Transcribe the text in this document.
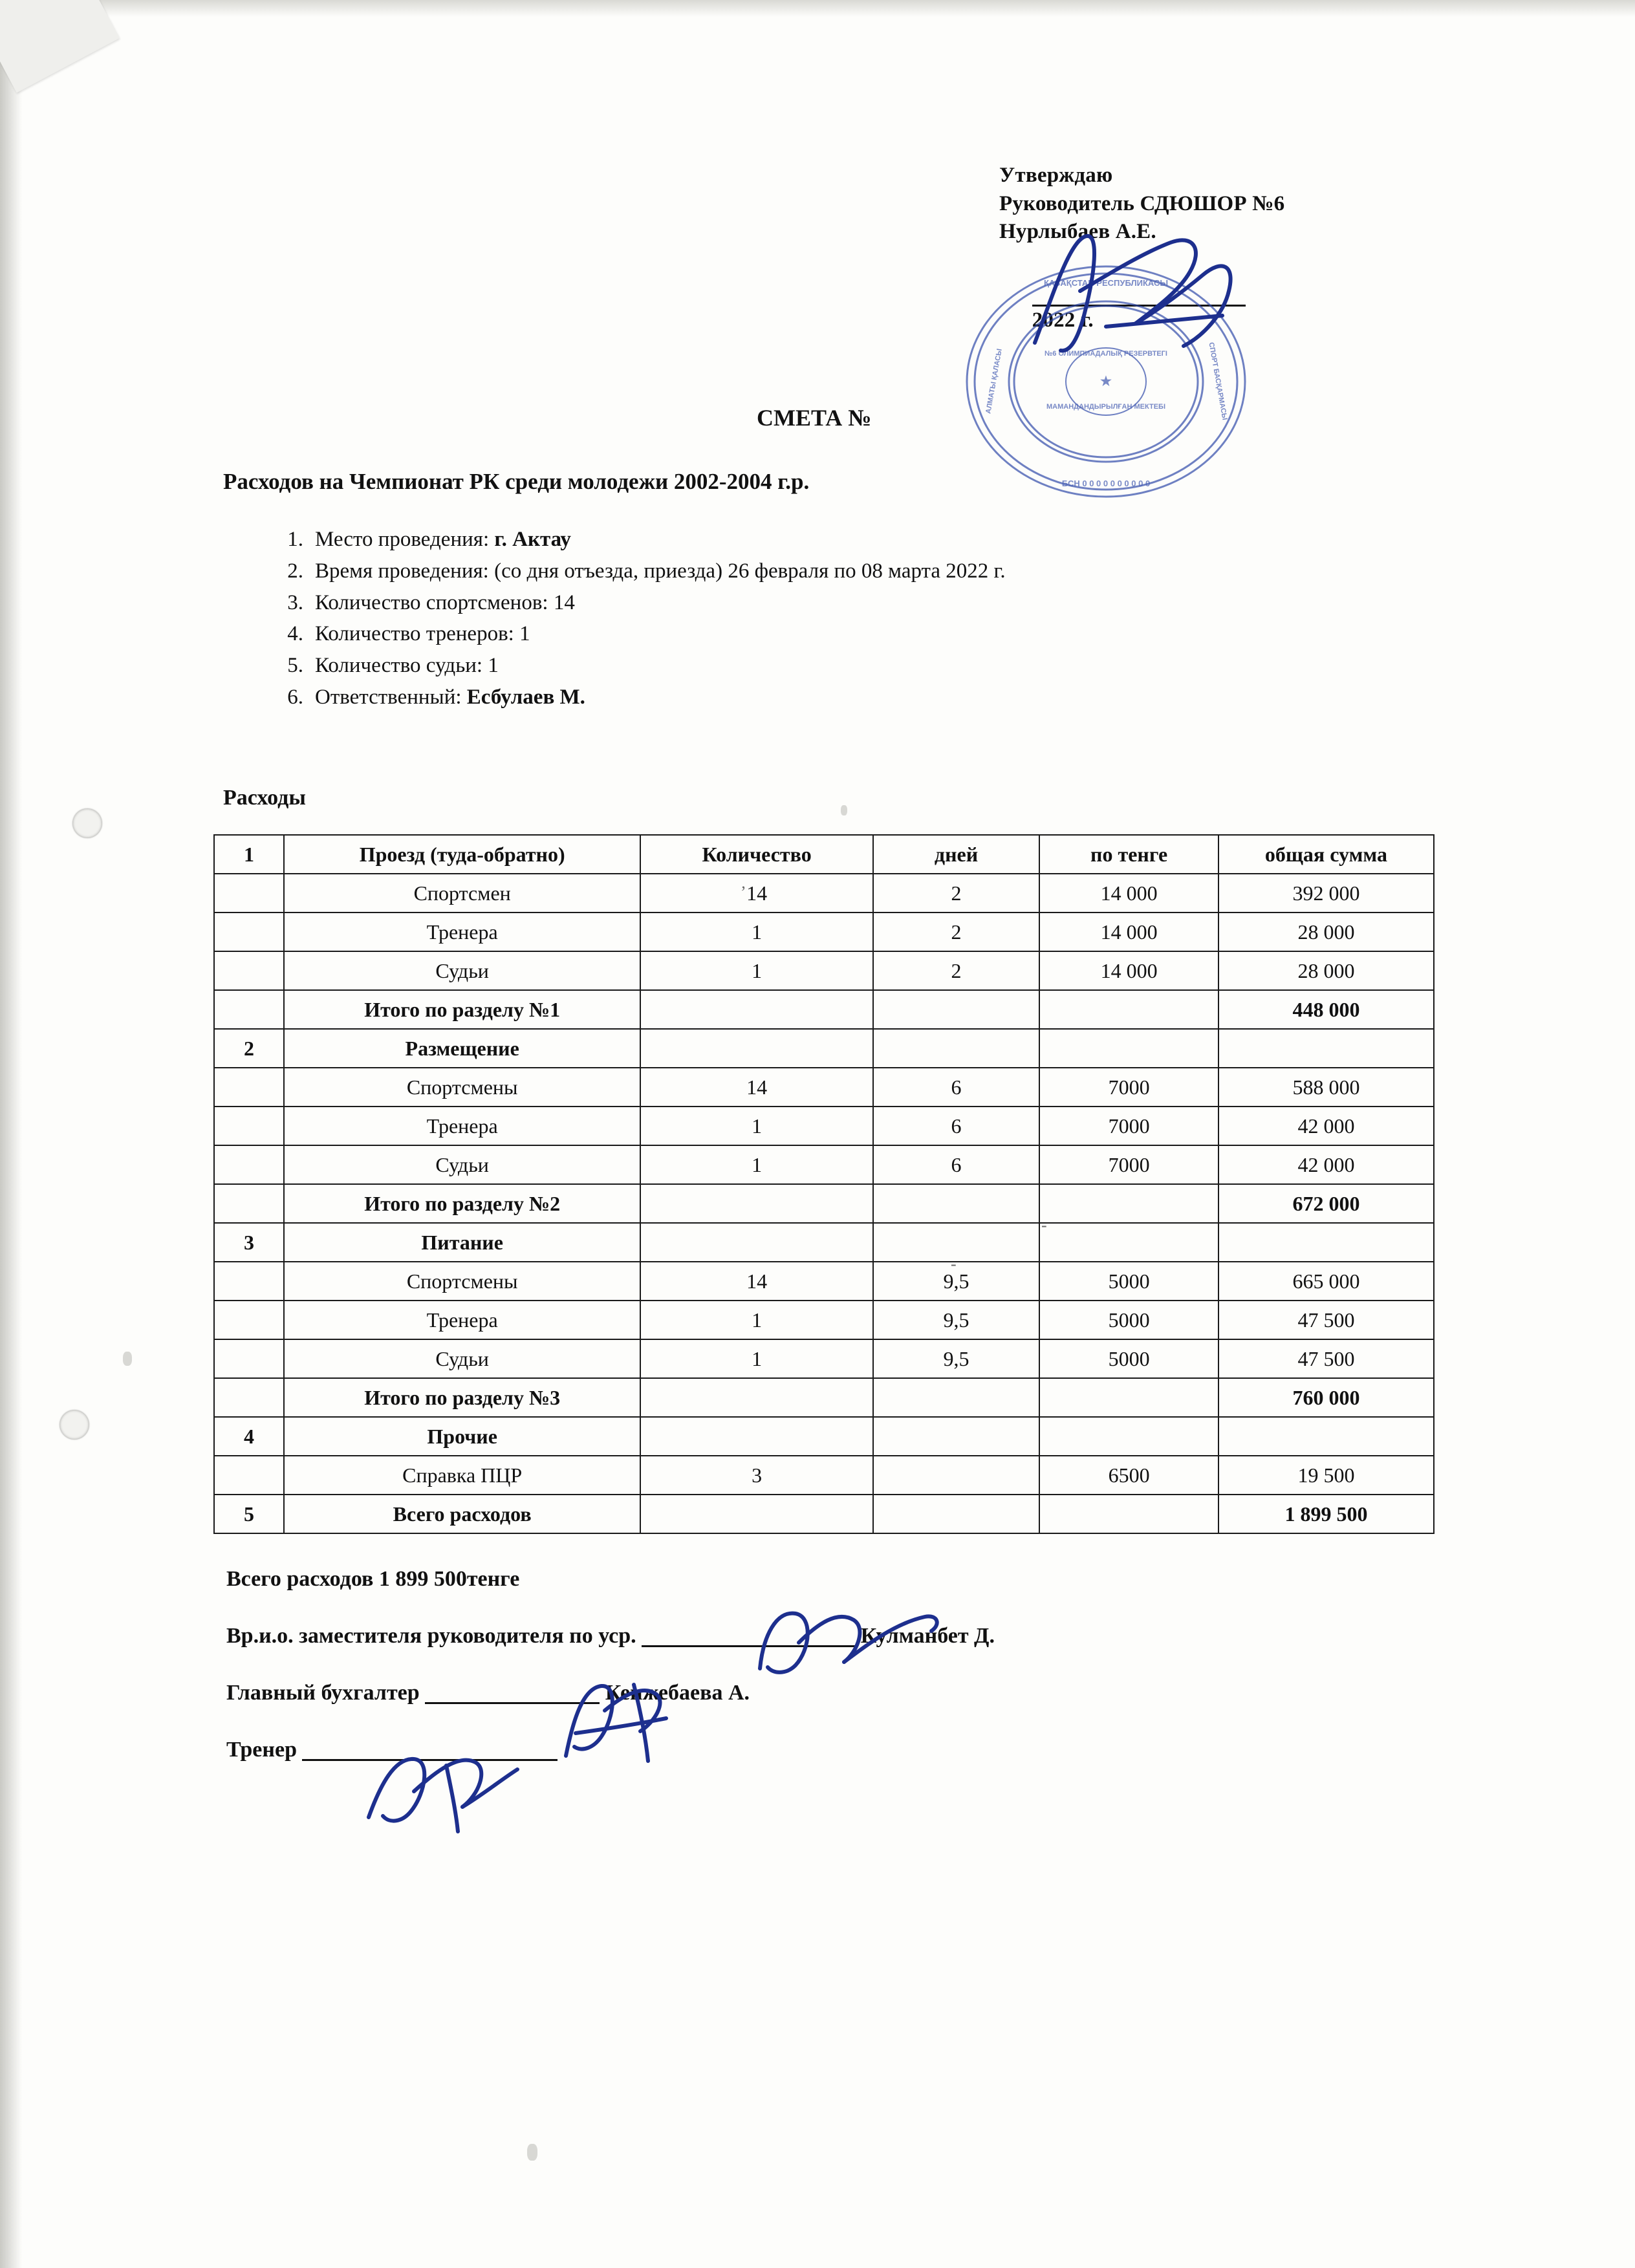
Утверждаю
Руководитель СДЮШОР №6
Нурлыбаев А.Е.

2022 г.

ҚАЗАҚСТАН РЕСПУБЛИКАСЫ
БСН 0 0 0 0 0 0 0 0 0 0
№6 ОЛИМПИАДАЛЫҚ РЕЗЕРВТЕГІ
МАМАНДАНДЫРЫЛҒАН МЕКТЕБІ
АЛМАТЫ ҚАЛАСЫ	СПОРТ БАСҚАРМАСЫ
★
СМЕТА №
Расходов на Чемпионат РК среди молодежи 2002-2004 г.р.
1. Место проведения: г. Актау
2. Время проведения: (со дня отъезда, приезда) 26 февраля по 08 марта 2022 г.
3. Количество спортсменов: 14
4. Количество тренеров: 1
5. Количество судьи: 1
6. Ответственный: Есбулаев М.
Расходы
1	Проезд (туда-обратно)	Количество	дней	по тенге	общая сумма
	Спортсмен	14	2	14 000	392 000
	Тренера	1	2	14 000	28 000
	Судьи	1	2	14 000	28 000
	Итого по разделу №1				448 000
2	Размещение				
	Спортсмены	14	6	7000	588 000
	Тренера	1	6	7000	42 000
	Судьи	1	6	7000	42 000
	Итого по разделу №2				672 000
3	Питание				
	Спортсмены	14	9,5	5000	665 000
	Тренера	1	9,5	5000	47 500
	Судьи	1	9,5	5000	47 500
	Итого по разделу №3				760 000
4	Прочие				
	Справка ПЦР	3		6500	19 500
5	Всего расходов				1 899 500
Всего расходов 1 899 500тенге
Вр.и.о. заместителя руководителя по уср.	Кулманбет Д.
Главный бухгалтер	Кенжебаева А.
Тренер
ʼ
-
-
